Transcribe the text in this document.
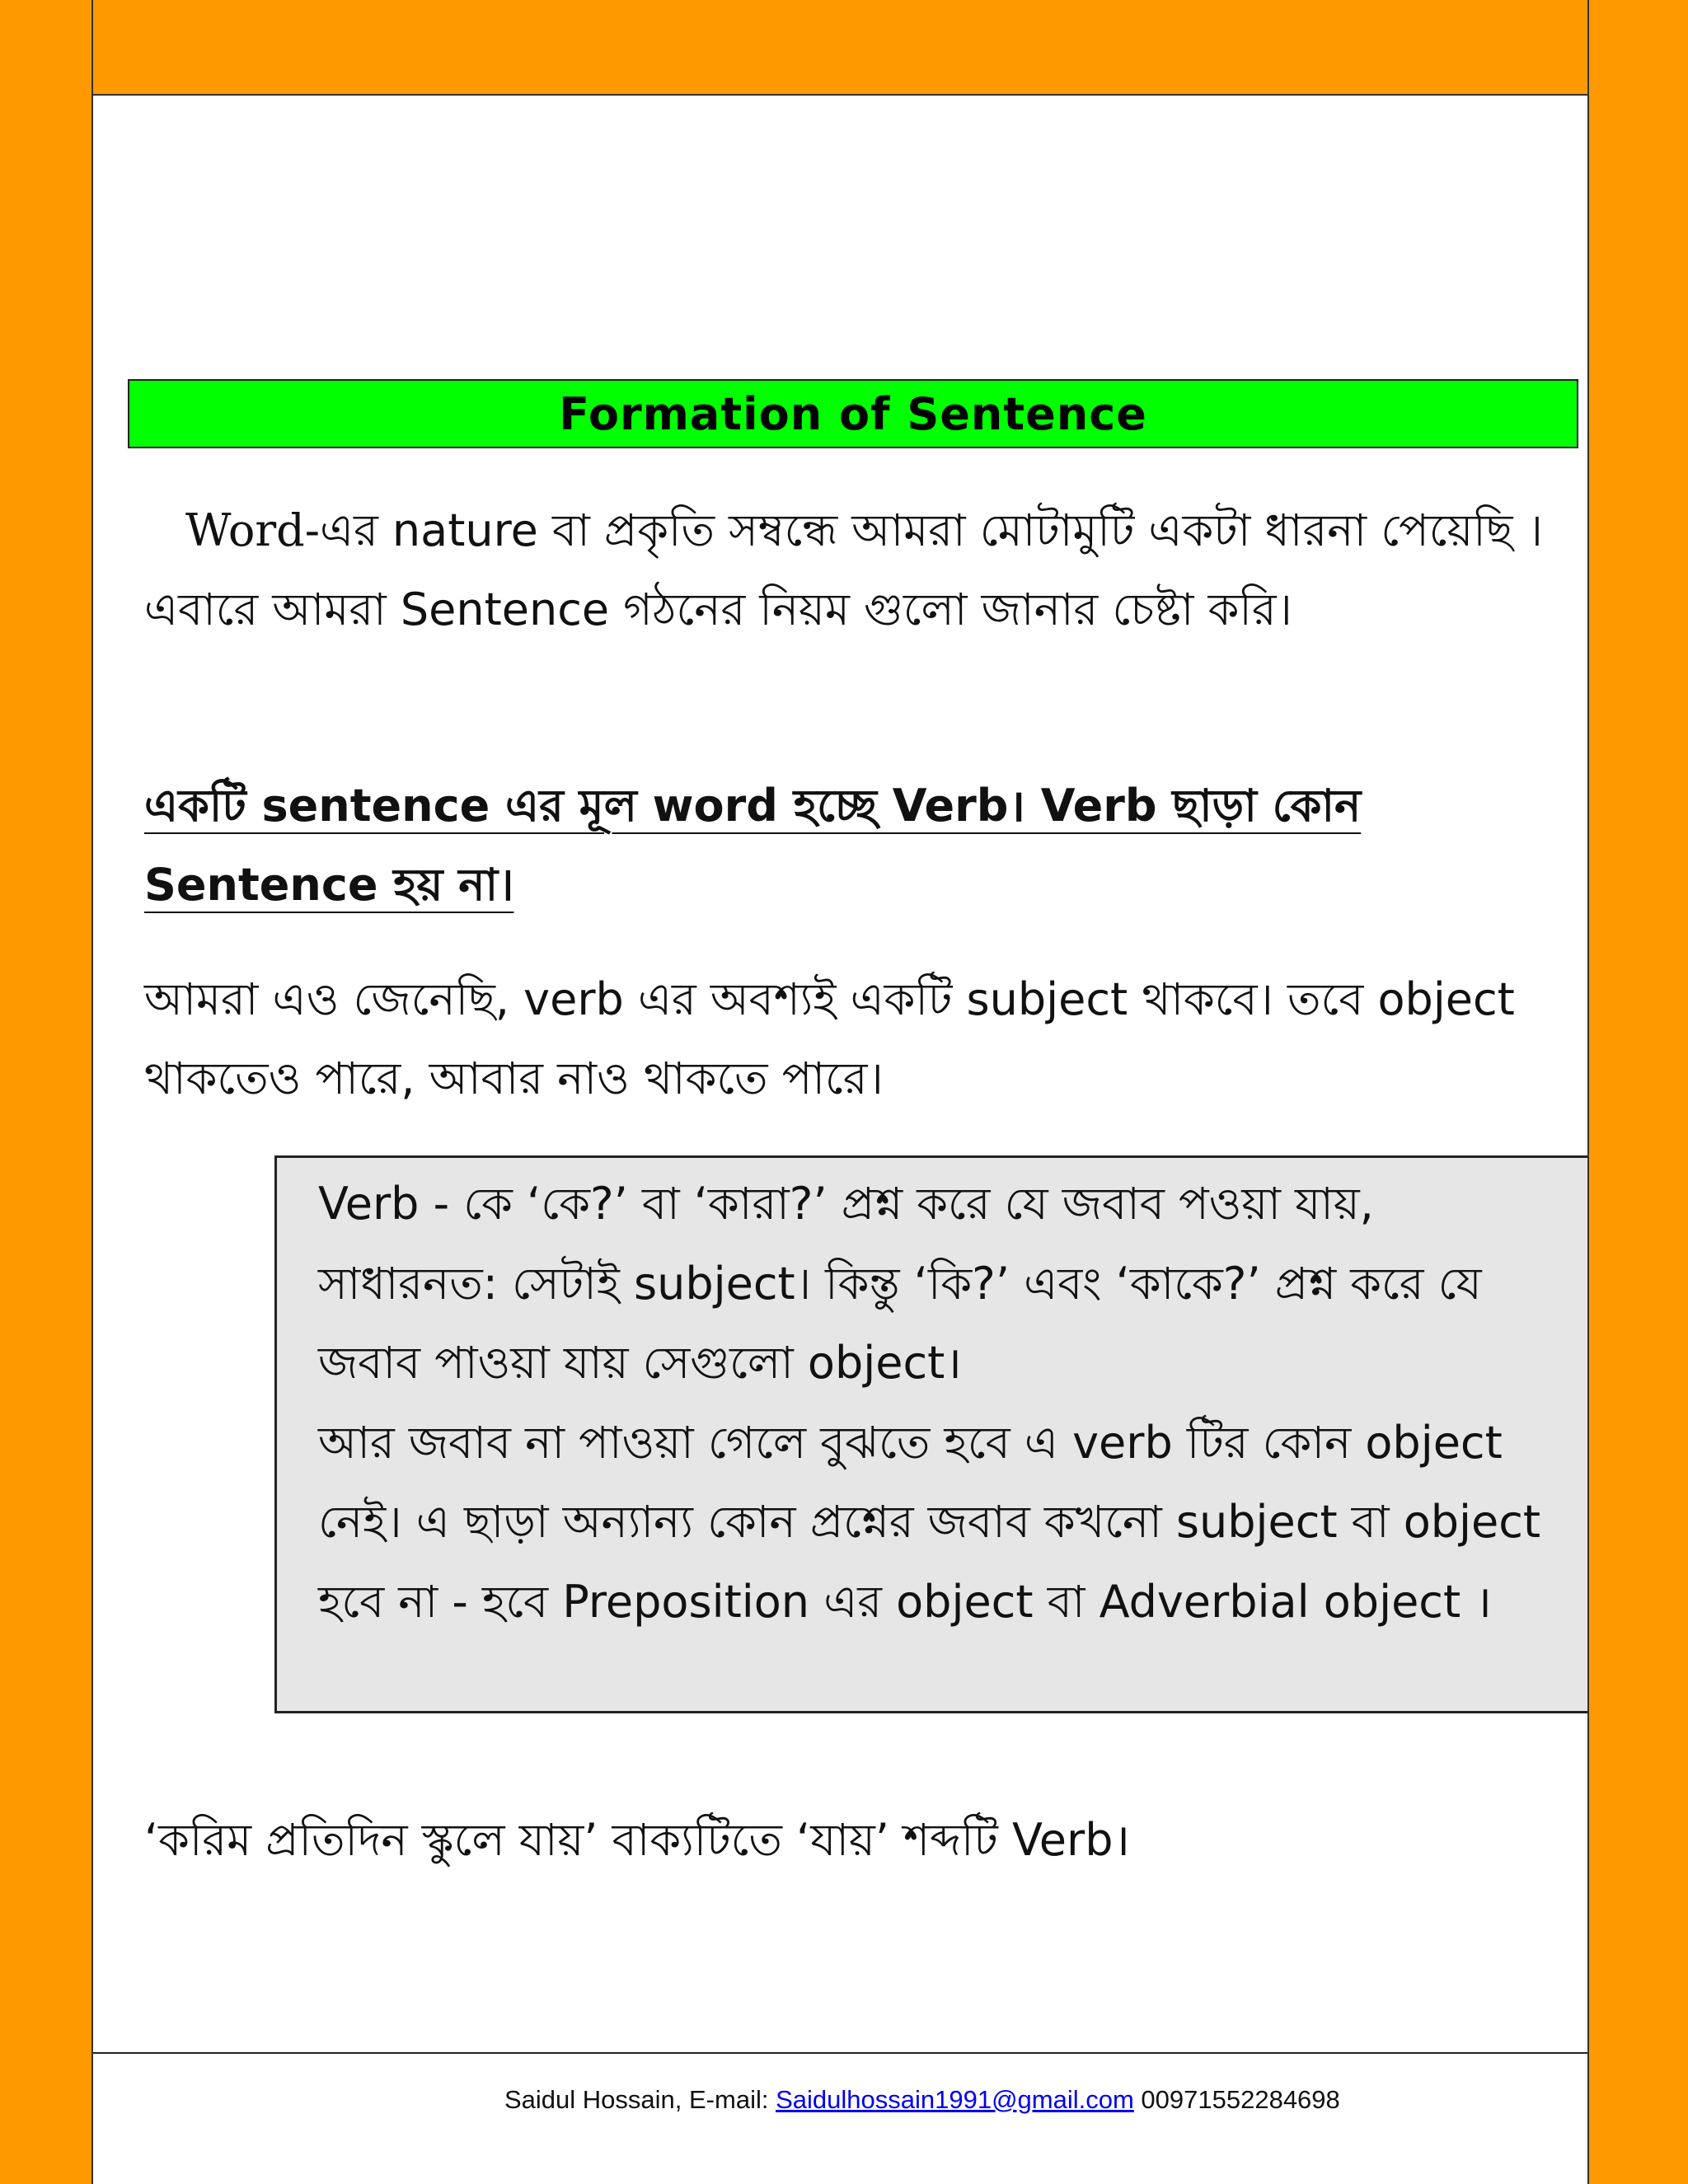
Formation of Sentence
Word-এর nature বা প্রকৃতি সম্বন্ধে আমরা মোটামুটি একটা ধারনা পেয়েছি ।এবারে আমরা Sentence গঠনের নিয়ম গুলো জানার চেষ্টা করি।
একটি sentence এর মূল word হচ্ছে Verb। Verb ছাড়া কোন Sentence হয় না।
আমরা এও জেনেছি, verb এর অবশ্যই একটি subject থাকবে। তবে object থাকতেও পারে, আবার নাও থাকতে পারে।

Verb - কে ‘কে?’ বা ‘কারা?’ প্রশ্ন করে যে জবাব পওয়া যায়, সাধারনত: সেটাই subject। কিন্তু ‘কি?’ এবং ‘কাকে?’ প্রশ্ন করে যে জবাব পাওয়া যায় সেগুলো object।

আর জবাব না পাওয়া গেলে বুঝতে হবে এ verb টির কোন object নেই। এ ছাড়া অন্যান্য কোন প্রশ্নের জবাব কখনো subject বা object হবে না - হবে Preposition এর object বা Adverbial object ।

‘করিম প্রতিদিন স্কুলে যায়’ বাক্যটিতে ‘যায়’ শব্দটি Verb।
Saidul Hossain, E-mail: Saidulhossain1991@gmail.com 00971552284698
